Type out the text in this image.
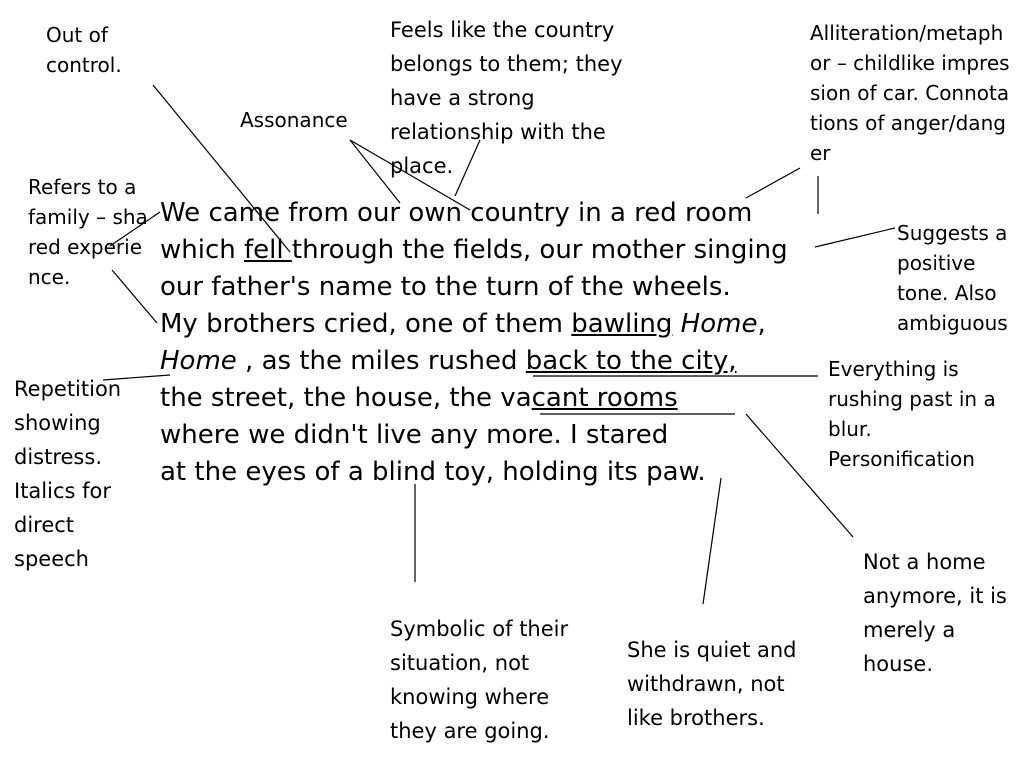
We came from our own country in a red room
which fell through the fields, our mother singing
our father's name to the turn of the wheels.
My brothers cried, one of them bawling Home,
Home , as the miles rushed back to the city,
the street, the house, the vacant rooms
where we didn't live any more. I stared
at the eyes of a blind toy, holding its paw.

Out of control.

Assonance

Feels like the country belongs to them; they have a strong relationship with the place.

Alliteration/metaphor – childlike impression of car. Connotations of anger/danger

Refers to a family – shared experience.

Suggests a positive tone. Also ambiguous

Everything is rushing past in a blur. Personification

Repetition showing distress. Italics for direct speech

Symbolic of their situation, not knowing where they are going.

She is quiet and withdrawn, not like brothers.

Not a home anymore, it is merely a house.
